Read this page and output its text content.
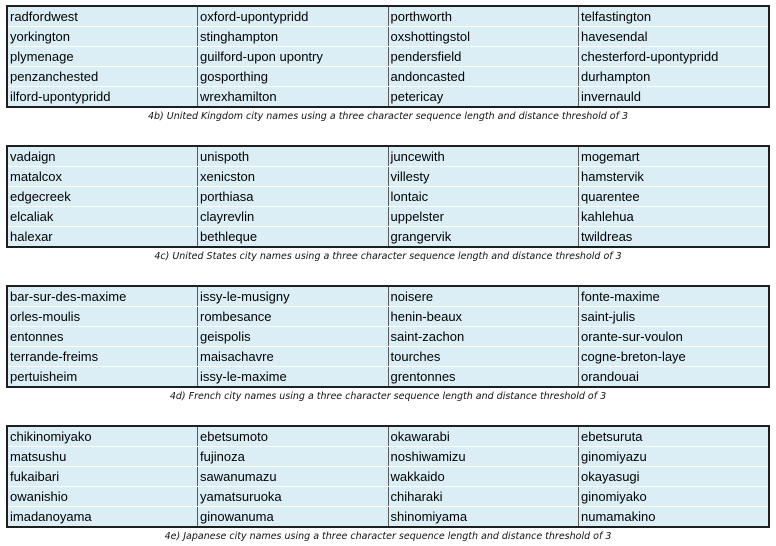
radfordwest	oxford-upontypridd	porthworth	telfastington
yorkington	stinghampton	oxshottingstol	havesendal
plymenage	guilford-upon upontry	pendersfield	chesterford-upontypridd
penzanchested	gosporthing	andoncasted	durhampton
ilford-upontypridd	wrexhamilton	petericay	invernauld
4b) United Kingdom city names using a three character sequence length and distance threshold of 3
vadaign	unispoth	juncewith	mogemart
matalcox	xenicston	villesty	hamstervik
edgecreek	porthiasa	lontaic	quarentee
elcaliak	clayrevlin	uppelster	kahlehua
halexar	bethleque	grangervik	twildreas
4c) United States city names using a three character sequence length and distance threshold of 3
bar-sur-des-maxime	issy-le-musigny	noisere	fonte-maxime
orles-moulis	rombesance	henin-beaux	saint-julis
entonnes	geispolis	saint-zachon	orante-sur-voulon
terrande-freims	maisachavre	tourches	cogne-breton-laye
pertuisheim	issy-le-maxime	grentonnes	orandouai
4d) French city names using a three character sequence length and distance threshold of 3
chikinomiyako	ebetsumoto	okawarabi	ebetsuruta
matsushu	fujinoza	noshiwamizu	ginomiyazu
fukaibari	sawanumazu	wakkaido	okayasugi
owanishio	yamatsuruoka	chiharaki	ginomiyako
imadanoyama	ginowanuma	shinomiyama	numamakino
4e) Japanese city names using a three character sequence length and distance threshold of 3
